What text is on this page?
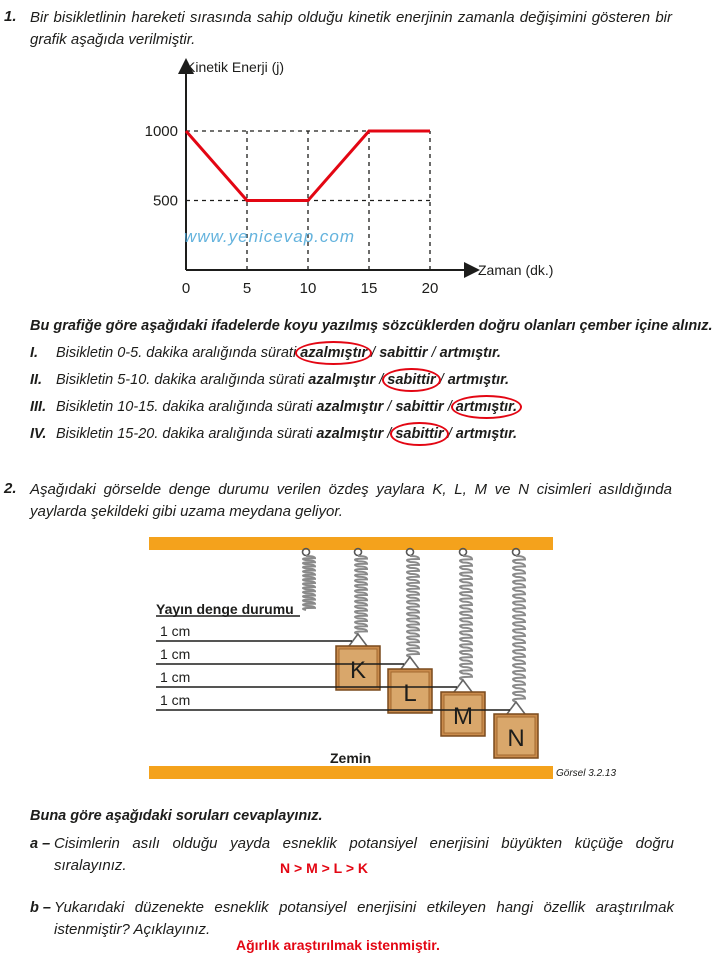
1. Bir bisikletlinin hareketi sırasında sahip olduğu kinetik enerjinin zamanla değişimini gösteren bir grafik aşağıda verilmiştir.
0	5	10	15	20
500
1000
Kinetik Enerji (j)
Zaman (dk.)
www.yenicevap.com
Bu grafiğe göre aşağıdaki ifadelerde koyu yazılmış sözcüklerden doğru olanları çember içine alınız.
I. Bisikletin 0-5. dakika aralığında sürati azalmıştır / sabittir / artmıştır.
II. Bisikletin 5-10. dakika aralığında sürati azalmıştır / sabittir / artmıştır.
III. Bisikletin 10-15. dakika aralığında sürati azalmıştır / sabittir / artmıştır.
IV. Bisikletin 15-20. dakika aralığında sürati azalmıştır / sabittir / artmıştır.
2. Aşağıdaki görselde denge durumu verilen özdeş yaylara K, L, M ve N cisimleri asıldığında yaylarda şekildeki gibi uzama meydana geliyor.
K
L
M
N
Yayın denge durumu
1 cm
1 cm
1 cm
1 cm
Zemin
Görsel 3.2.13
Buna göre aşağıdaki soruları cevaplayınız.
a – Cisimlerin asılı olduğu yayda esneklik potansiyel enerjisini büyükten küçüğe doğru sıralayınız.	N > M > L > K
b – Yukarıdaki düzenekte esneklik potansiyel enerjisini etkileyen hangi özellik araştırılmak istenmiştir? Açıklayınız.
Ağırlık araştırılmak istenmiştir.
